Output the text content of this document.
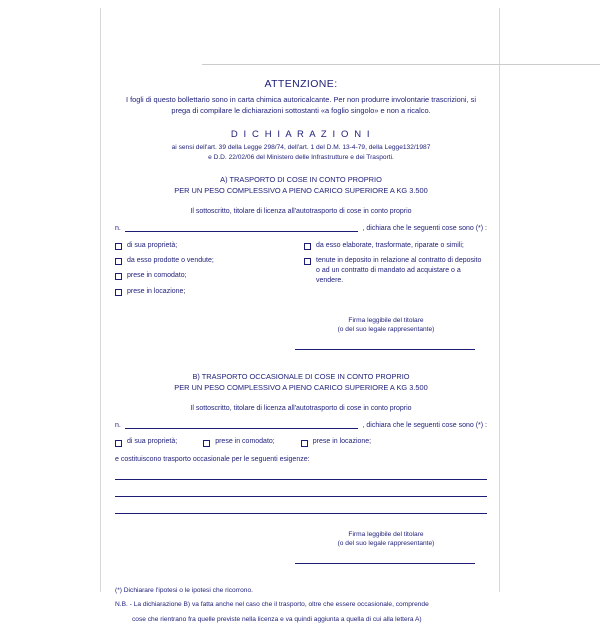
ATTENZIONE:
I fogli di questo bollettario sono in carta chimica autoricalcante. Per non produrre involontarie trascrizioni, si prega di compilare le dichiarazioni sottostanti «a foglio singolo» e non a ricalco.
D I C H I A R A Z I O N I
ai sensi dell'art. 39 della Legge 298/74, dell'art. 1 del D.M. 13-4-79, della Legge132/1987
e D.D. 22/02/06 del Ministero delle Infrastrutture e dei Trasporti.
A) TRASPORTO DI COSE IN CONTO PROPRIO
PER UN PESO COMPLESSIVO A PIENO CARICO SUPERIORE A KG 3.500
Il sottoscritto, titolare di licenza all'autotrasporto di cose in conto proprio
n.	, dichiara che le seguenti cose sono (*) :
di sua proprietà;
da esso prodotte o vendute;
prese in comodato;
prese in locazione;
da esso elaborate, trasformate, riparate o simili;
tenute in deposito in relazione al contratto di deposito o ad un contratto di mandato ad acquistare o a vendere.
Firma leggibile del titolare
(o del suo legale rappresentante)
B) TRASPORTO OCCASIONALE DI COSE IN CONTO PROPRIO
PER UN PESO COMPLESSIVO A PIENO CARICO SUPERIORE A KG 3.500
Il sottoscritto, titolare di licenza all'autotrasporto di cose in conto proprio
n.	, dichiara che le seguenti cose sono (*) :
di sua proprietà;	prese in comodato;	prese in locazione;
e costituiscono trasporto occasionale per le seguenti esigenze:
Firma leggibile del titolare
(o del suo legale rappresentante)

(*) Dichiarare l'ipotesi o le ipotesi che ricorrono.

N.B. - La dichiarazione B) va fatta anche nel caso che il trasporto, oltre che essere occasionale, comprende

cose che rientrano fra quelle previste nella licenza e va quindi aggiunta a quella di cui alla lettera A)
